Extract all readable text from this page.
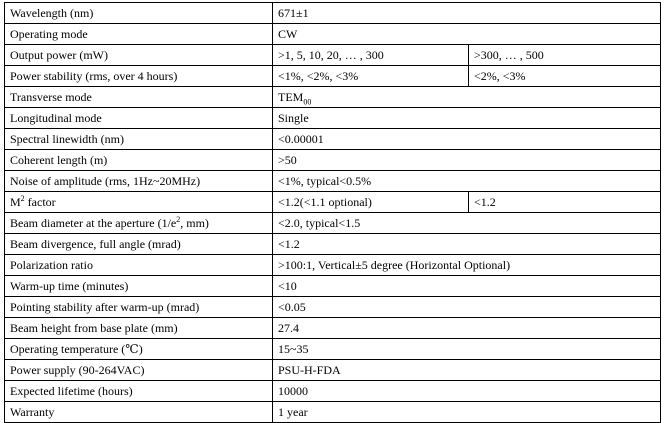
Wavelength (nm)	671±1	
Operating mode	CW	
Output power (mW)	>1, 5, 10, 20, … , 300	>300, … , 500
Power stability (rms, over 4 hours)	<1%, <2%, <3%	<2%, <3%
Transverse mode	$TEM_{00}$
Longitudinal mode	Single	
Spectral linewidth (nm)	<0.00001	
Coherent length (m)	>50	
Noise of amplitude (rms, 1Hz~20MHz)	<1%, typical<0.5%	
$M^2$ factor	<1.2(<1.1 optional)	<1.2
Beam diameter at the aperture ($1/e^2$, mm)	<2.0, typical<1.5	
Beam divergence, full angle (mrad)	<1.2	
Polarization ratio	>100:1, Vertical±5 degree (Horizontal Optional)	
Warm-up time (minutes)	<10	
Pointing stability after warm-up (mrad)	<0.05	
Beam height from base plate (mm)	27.4	
Operating temperature (℃)	15~35	
Power supply (90-264VAC)	PSU-H-FDA	
Expected lifetime (hours)	10000	
Warranty	1 year	
